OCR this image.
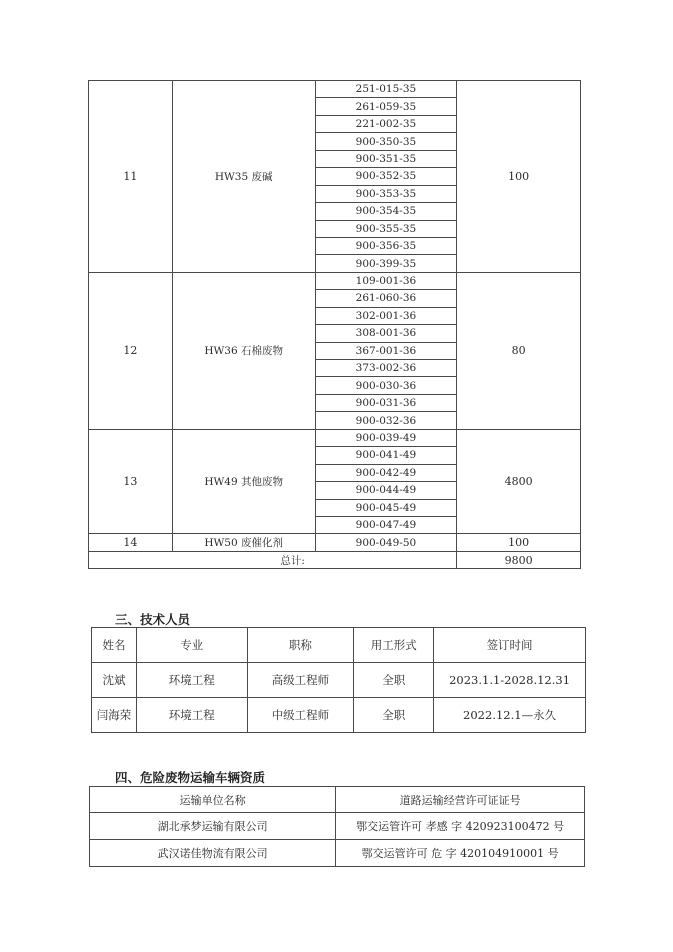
11	HW35 废碱	251-015-35	100
		261-059-35	
		221-002-35	
		900-350-35	
		900-351-35	
		900-352-35	
		900-353-35	
		900-354-35	
		900-355-35	
		900-356-35	
		900-399-35	
12	HW36 石棉废物	109-001-36	80
		261-060-36	
		302-001-36	
		308-001-36	
		367-001-36	
		373-002-36	
		900-030-36	
		900-031-36	
		900-032-36	
13	HW49 其他废物	900-039-49	4800
		900-041-49	
		900-042-49	
		900-044-49	
		900-045-49	
		900-047-49	
14	HW50 废催化剂	900-049-50	100
总计:			9800
三、技术人员
姓名	专业	职称	用工形式	签订时间
沈斌	环境工程	高级工程师	全职	2023.1.1-2028.12.31
闫海荣	环境工程	中级工程师	全职	2022.12.1—永久
四、危险废物运输车辆资质
运输单位名称	道路运输经营许可证证号
湖北承梦运输有限公司	鄂交运管许可 孝感 字 420923100472 号
武汉诺佳物流有限公司	鄂交运管许可 危 字 420104910001 号
